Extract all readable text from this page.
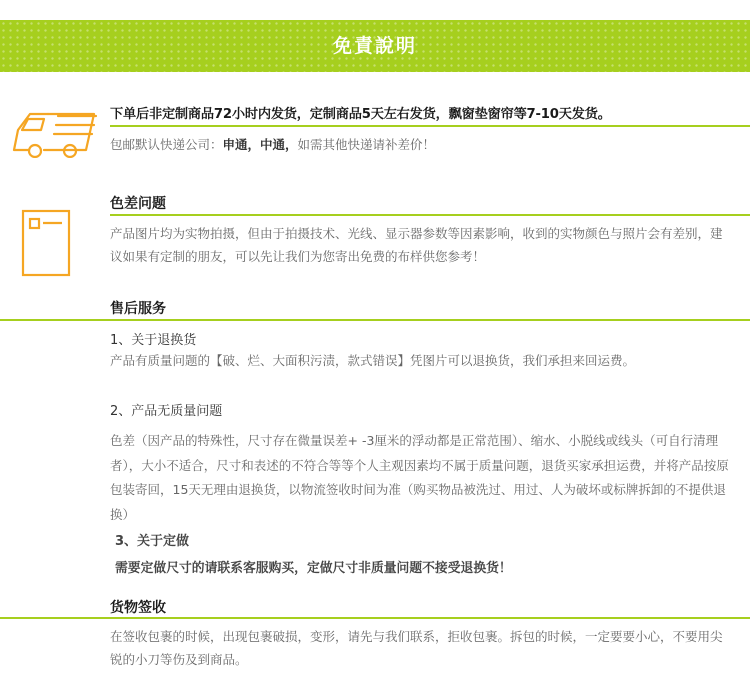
免責說明
下单后非定制商品72小时内发货，定制商品5天左右发货，飘窗垫窗帘等7-10天发货。
包邮默认快递公司：申通，中通，如需其他快递请补差价！
色差问题

产品图片均为实物拍摄，但由于拍摄技术、光线、显示器参数等因素影响，收到的实物颜色与照片会有差别，建议如果有定制的朋友，可以先让我们为您寄出免费的布样供您参考！

售后服务
1、关于退换货

产品有质量问题的【破、烂、大面积污渍，款式错误】凭图片可以退换货，我们承担来回运费。

2、产品无质量问题

色差（因产品的特殊性，尺寸存在微量误差+ -3厘米的浮动都是正常范围）、缩水、小脱线或线头（可自行清理者），大小不适合，尺寸和表述的不符合等等个人主观因素均不属于质量问题，退货买家承担运费，并将产品按原包装寄回，15天无理由退换货，以物流签收时间为准（购买物品被洗过、用过、人为破坏或标牌拆卸的不提供退换）

3、关于定做
需要定做尺寸的请联系客服购买，定做尺寸非质量问题不接受退换货！
货物签收

在签收包裹的时候，出现包裹破损，变形，请先与我们联系，拒收包裹。拆包的时候，一定要要小心，不要用尖锐的小刀等伤及到商品。
